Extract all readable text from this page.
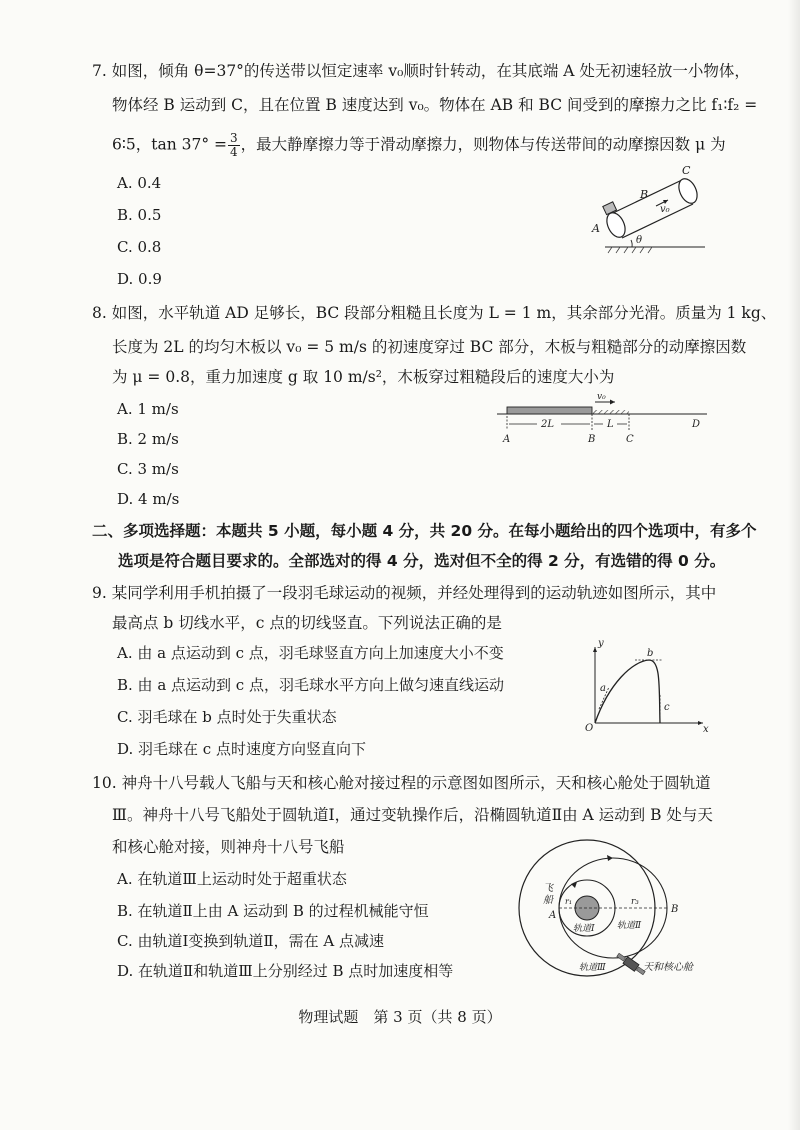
7. 如图，倾角 θ=37°的传送带以恒定速率 v₀顺时针转动，在其底端 A 处无初速轻放一小物体，
物体经 B 运动到 C，且在位置 B 速度达到 v₀。物体在 AB 和 BC 间受到的摩擦力之比 f₁∶f₂ =
6∶5，$\tan 37^\circ = \frac{3}{4}$ ，最大静摩擦力等于滑动摩擦力，则物体与传送带间的动摩擦因数 μ 为
A. 0.4
B. 0.5
C. 0.8
D. 0.9
A
B
C
v₀
θ
8. 如图，水平轨道 AD 足够长，BC 段部分粗糙且长度为 L = 1 m，其余部分光滑。质量为 1 kg、
长度为 2L 的均匀木板以 v₀ = 5 m/s 的初速度穿过 BC 部分，木板与粗糙部分的动摩擦因数
为 μ = 0.8，重力加速度 g 取 10 m/s²，木板穿过粗糙段后的速度大小为
A. 1 m/s
B. 2 m/s
C. 3 m/s
D. 4 m/s
v₀
2L	L
A	B	C
D
二、多项选择题：本题共 5 小题，每小题 4 分，共 20 分。在每小题给出的四个选项中，有多个
选项是符合题目要求的。全部选对的得 4 分，选对但不全的得 2 分，有选错的得 0 分。
9. 某同学利用手机拍摄了一段羽毛球运动的视频，并经处理得到的运动轨迹如图所示，其中
最高点 b 切线水平，c 点的切线竖直。下列说法正确的是
A. 由 a 点运动到 c 点，羽毛球竖直方向上加速度大小不变
B. 由 a 点运动到 c 点，羽毛球水平方向上做匀速直线运动
C. 羽毛球在 b 点时处于失重状态
D. 羽毛球在 c 点时速度方向竖直向下
y
x
O
a
b
c
10. 神舟十八号载人飞船与天和核心舱对接过程的示意图如图所示，天和核心舱处于圆轨道
Ⅲ。神舟十八号飞船处于圆轨道Ⅰ，通过变轨操作后，沿椭圆轨道Ⅱ由 A 运动到 B 处与天
和核心舱对接，则神舟十八号飞船
A. 在轨道Ⅲ上运动时处于超重状态
B. 在轨道Ⅱ上由 A 运动到 B 的过程机械能守恒
C. 由轨道Ⅰ变换到轨道Ⅱ，需在 A 点减速
D. 在轨道Ⅱ和轨道Ⅲ上分别经过 B 点时加速度相等
飞
船 r₁	r₃
A
B
轨道Ⅰ 轨道Ⅱ
轨道Ⅲ	天和核心舱
物理试题　第 3 页（共 8 页）
